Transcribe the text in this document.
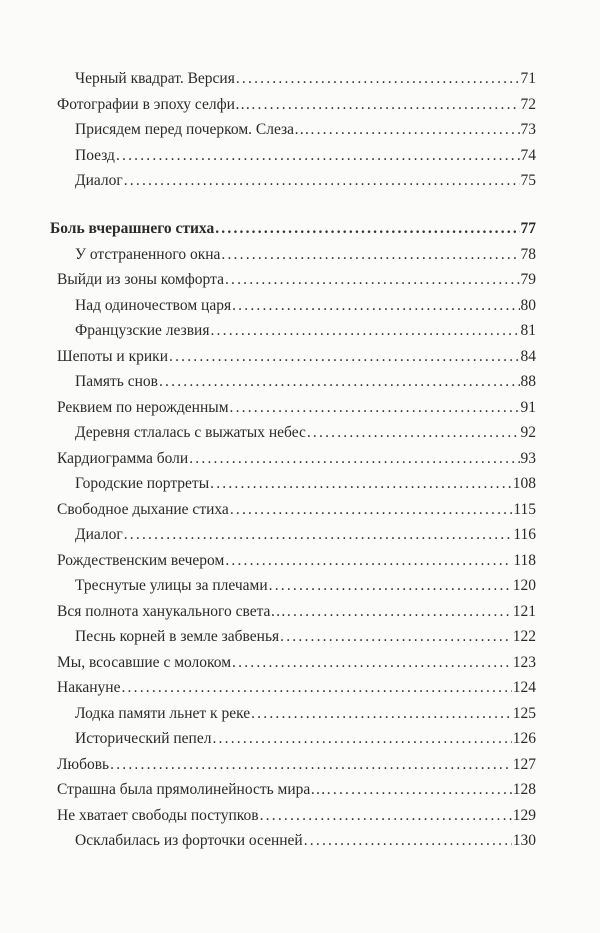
Черный квадрат. Версия .....	71
Фотографии в эпоху селфи… .....	72
Присядем перед почерком. Слеза… .....	73
Поезд .....	74
Диалог .....	75
Боль вчерашнего стиха .....	77
У отстраненного окна .....	78
Выйди из зоны комфорта .....	79
Над одиночеством царя .....	80
Французские лезвия .....	81
Шепоты и крики .....	84
Память снов .....	88
Реквием по нерожденным .....	91
Деревня стлалась с выжатых небес .....	92
Кардиограмма боли .....	93
Городские портреты .....	108
Свободное дыхание стиха .....	115
Диалог .....	116
Рождественским вечером .....	118
Треснутые улицы за плечами .....	120
Вся полнота ханукального света… .....	121
Песнь корней в земле забвенья .....	122
Мы, всосавшие с молоком .....	123
Накануне .....	124
Лодка памяти льнет к реке .....	125
Исторический пепел .....	126
Любовь .....	127
Страшна была прямолинейность мира… .....	128
Не хватает свободы поступков .....	129
Осклабилась из форточки осенней .....	130
